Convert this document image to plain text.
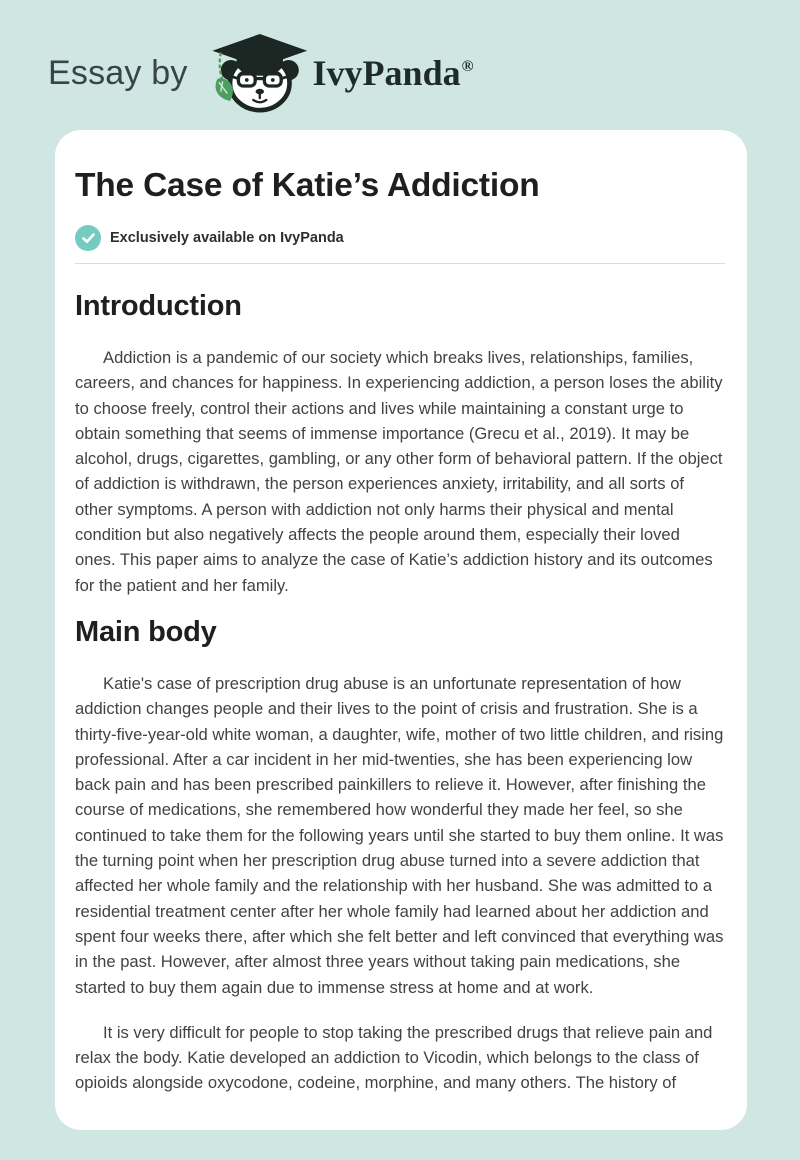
Essay by	IvyPanda®
The Case of Katie’s Addiction
Exclusively available on IvyPanda
Introduction

Addiction is a pandemic of our society which breaks lives, relationships, families, careers, and chances for happiness. In experiencing addiction, a person loses the ability to choose freely, control their actions and lives while maintaining a constant urge to obtain something that seems of immense importance (Grecu et al., 2019). It may be alcohol, drugs, cigarettes, gambling, or any other form of behavioral pattern. If the object of addiction is withdrawn, the person experiences anxiety, irritability, and all sorts of other symptoms. A person with addiction not only harms their physical and mental condition but also negatively affects the people around them, especially their loved ones. This paper aims to analyze the case of Katie’s addiction history and its outcomes for the patient and her family.

Main body

Katie's case of prescription drug abuse is an unfortunate representation of how addiction changes people and their lives to the point of crisis and frustration. She is a thirty-five-year-old white woman, a daughter, wife, mother of two little children, and rising professional. After a car incident in her mid-twenties, she has been experiencing low back pain and has been prescribed painkillers to relieve it. However, after finishing the course of medications, she remembered how wonderful they made her feel, so she continued to take them for the following years until she started to buy them online. It was the turning point when her prescription drug abuse turned into a severe addiction that affected her whole family and the relationship with her husband. She was admitted to a residential treatment center after her whole family had learned about her addiction and spent four weeks there, after which she felt better and left convinced that everything was in the past. However, after almost three years without taking pain medications, she started to buy them again due to immense stress at home and at work.

It is very difficult for people to stop taking the prescribed drugs that relieve pain and relax the body. Katie developed an addiction to Vicodin, which belongs to the class of opioids alongside oxycodone, codeine, morphine, and many others. The history of
